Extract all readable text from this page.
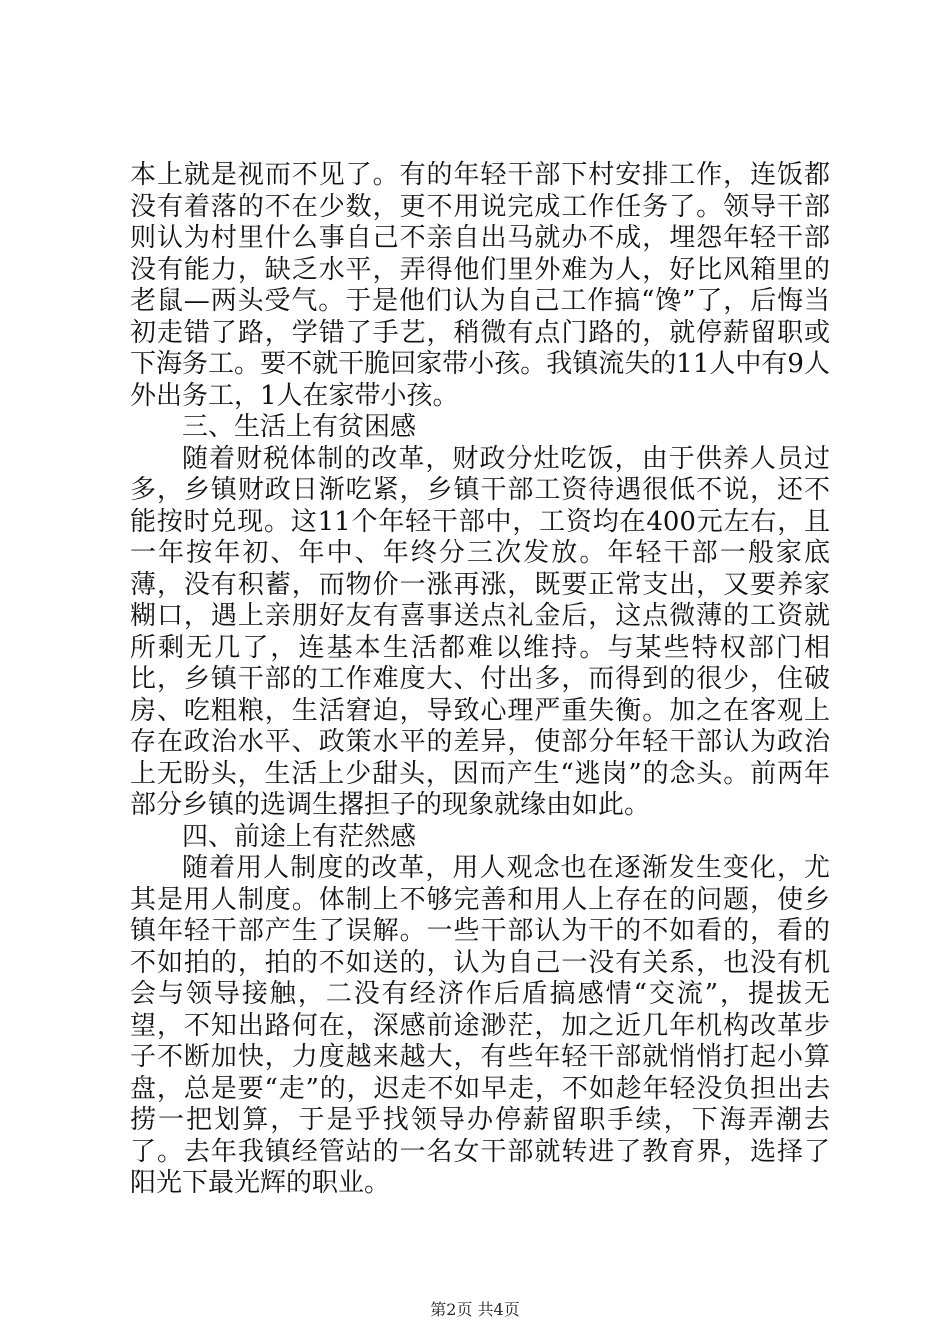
本上就是视而不见了。有的年轻干部下村安排工作，连饭都没有着落的不在少数，更不用说完成工作任务了。领导干部则认为村里什么事自己不亲自出马就办不成，埋怨年轻干部没有能力，缺乏水平，弄得他们里外难为人，好比风箱里的老鼠—两头受气。于是他们认为自己工作搞“馋”了，后悔当初走错了路，学错了手艺，稍微有点门路的，就停薪留职或下海务工。要不就干脆回家带小孩。我镇流失的11人中有9人外出务工，1人在家带小孩。

三、生活上有贫困感

随着财税体制的改革，财政分灶吃饭，由于供养人员过多，乡镇财政日渐吃紧，乡镇干部工资待遇很低不说，还不能按时兑现。这11个年轻干部中，工资均在400元左右，且一年按年初、年中、年终分三次发放。年轻干部一般家底薄，没有积蓄，而物价一涨再涨，既要正常支出，又要养家糊口，遇上亲朋好友有喜事送点礼金后，这点微薄的工资就所剩无几了，连基本生活都难以维持。与某些特权部门相比，乡镇干部的工作难度大、付出多，而得到的很少，住破房、吃粗粮，生活窘迫，导致心理严重失衡。加之在客观上存在政治水平、政策水平的差异，使部分年轻干部认为政治上无盼头，生活上少甜头，因而产生“逃岗”的念头。前两年部分乡镇的选调生撂担子的现象就缘由如此。

四、前途上有茫然感

随着用人制度的改革，用人观念也在逐渐发生变化，尤其是用人制度。体制上不够完善和用人上存在的问题，使乡镇年轻干部产生了误解。一些干部认为干的不如看的，看的不如拍的，拍的不如送的，认为自己一没有关系，也没有机会与领导接触，二没有经济作后盾搞感情“交流”，提拔无望，不知出路何在，深感前途渺茫，加之近几年机构改革步子不断加快，力度越来越大，有些年轻干部就悄悄打起小算盘，总是要“走”的，迟走不如早走，不如趁年轻没负担出去捞一把划算，于是乎找领导办停薪留职手续，下海弄潮去了。去年我镇经管站的一名女干部就转进了教育界，选择了阳光下最光辉的职业。

第2页 共4页
